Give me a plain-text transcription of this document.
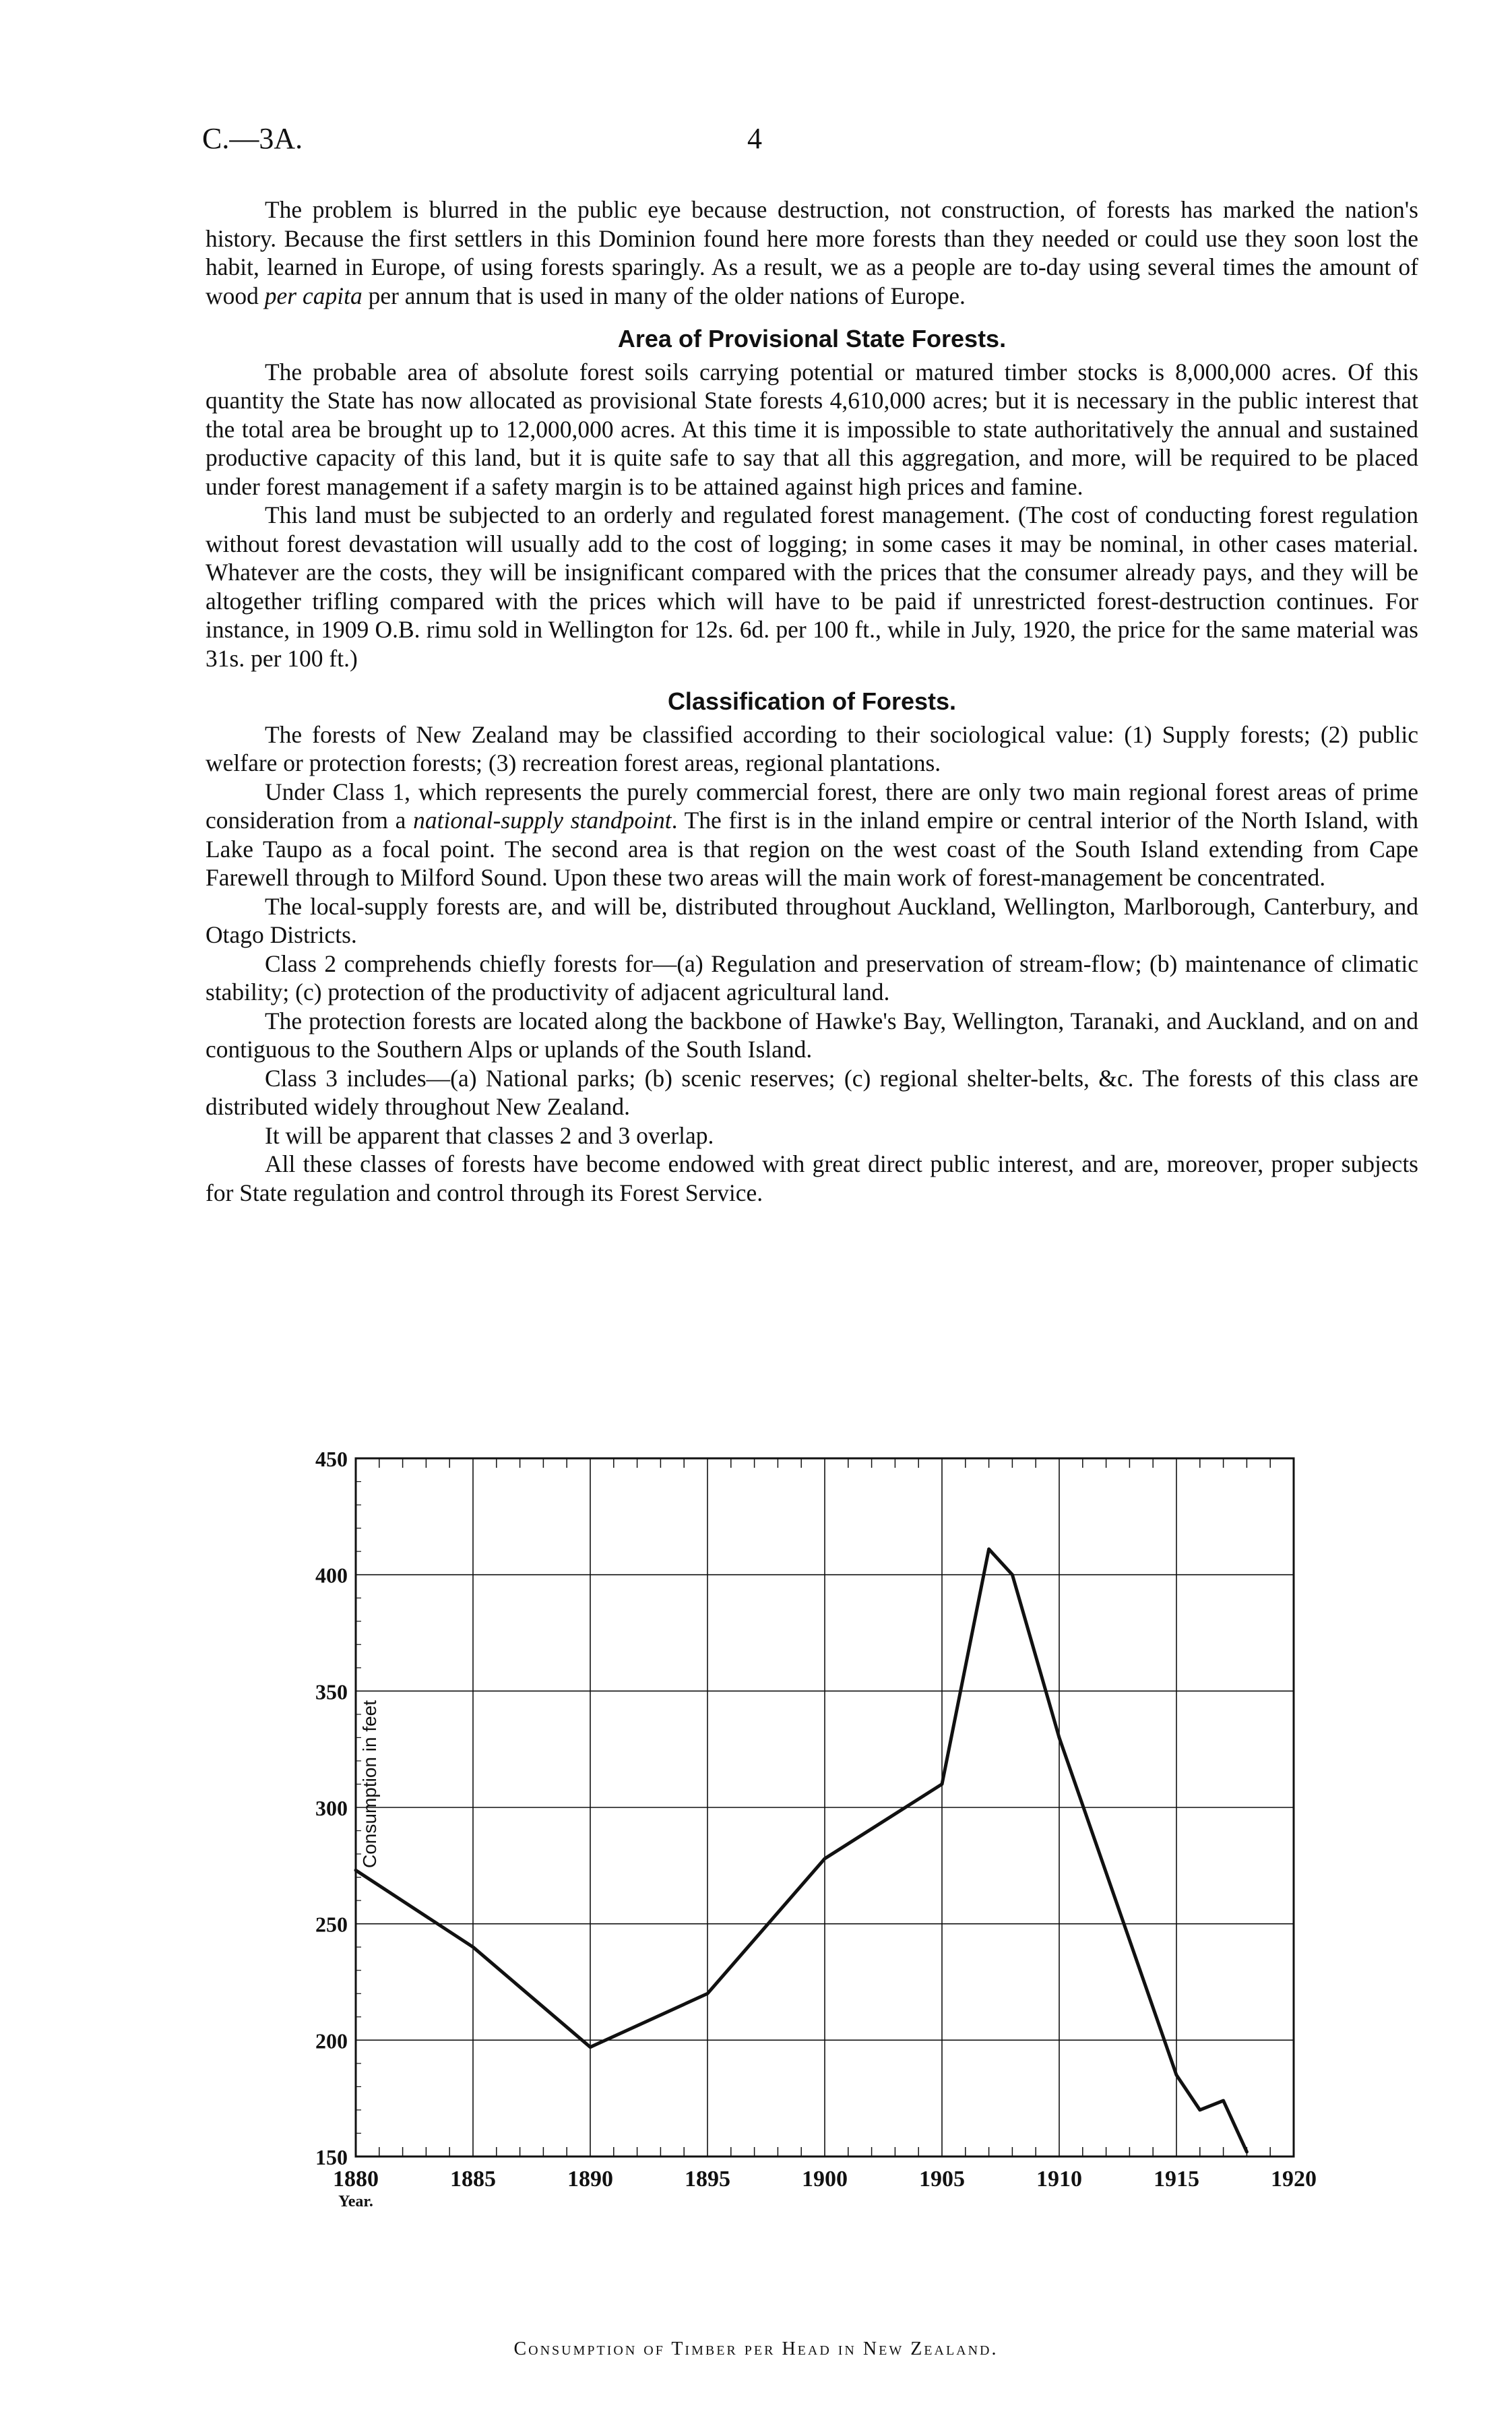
C.—3A.	4

The problem is blurred in the public eye because destruction, not construction, of forests has marked the nation's history. Because the first settlers in this Dominion found here more forests than they needed or could use they soon lost the habit, learned in Europe, of using forests sparingly. As a result, we as a people are to-day using several times the amount of wood per capita per annum that is used in many of the older nations of Europe.

Area of Provisional State Forests.

The probable area of absolute forest soils carrying potential or matured timber stocks is 8,000,000 acres. Of this quantity the State has now allocated as provisional State forests 4,610,000 acres; but it is necessary in the public interest that the total area be brought up to 12,000,000 acres. At this time it is impossible to state authoritatively the annual and sustained productive capacity of this land, but it is quite safe to say that all this aggregation, and more, will be required to be placed under forest management if a safety margin is to be attained against high prices and famine.

This land must be subjected to an orderly and regulated forest management. (The cost of conducting forest regulation without forest devastation will usually add to the cost of logging; in some cases it may be nominal, in other cases material. Whatever are the costs, they will be insignificant compared with the prices that the consumer already pays, and they will be altogether trifling compared with the prices which will have to be paid if unrestricted forest-destruction continues. For instance, in 1909 O.B. rimu sold in Wellington for 12s. 6d. per 100 ft., while in July, 1920, the price for the same material was 31s. per 100 ft.)

Classification of Forests.

The forests of New Zealand may be classified according to their sociological value: (1) Supply forests; (2) public welfare or protection forests; (3) recreation forest areas, regional plantations.

Under Class 1, which represents the purely commercial forest, there are only two main regional forest areas of prime consideration from a national-supply standpoint. The first is in the inland empire or central interior of the North Island, with Lake Taupo as a focal point. The second area is that region on the west coast of the South Island extending from Cape Farewell through to Milford Sound. Upon these two areas will the main work of forest-management be concentrated.

The local-supply forests are, and will be, distributed throughout Auckland, Wellington, Marlborough, Canterbury, and Otago Districts.

Class 2 comprehends chiefly forests for—(a) Regulation and preservation of stream-flow; (b) maintenance of climatic stability; (c) protection of the productivity of adjacent agricultural land.

The protection forests are located along the backbone of Hawke's Bay, Wellington, Taranaki, and Auckland, and on and contiguous to the Southern Alps or uplands of the South Island.

Class 3 includes—(a) National parks; (b) scenic reserves; (c) regional shelter-belts, &c. The forests of this class are distributed widely throughout New Zealand.

It will be apparent that classes 2 and 3 overlap.

All these classes of forests have become endowed with great direct public interest, and are, moreover, proper subjects for State regulation and control through its Forest Service.

1880	1885	1890	1895	1900	1905	1910	1915	1920
150
200
250
300
350
400
450
Consumption in feet
Year.
Consumption of Timber per Head in New Zealand.
